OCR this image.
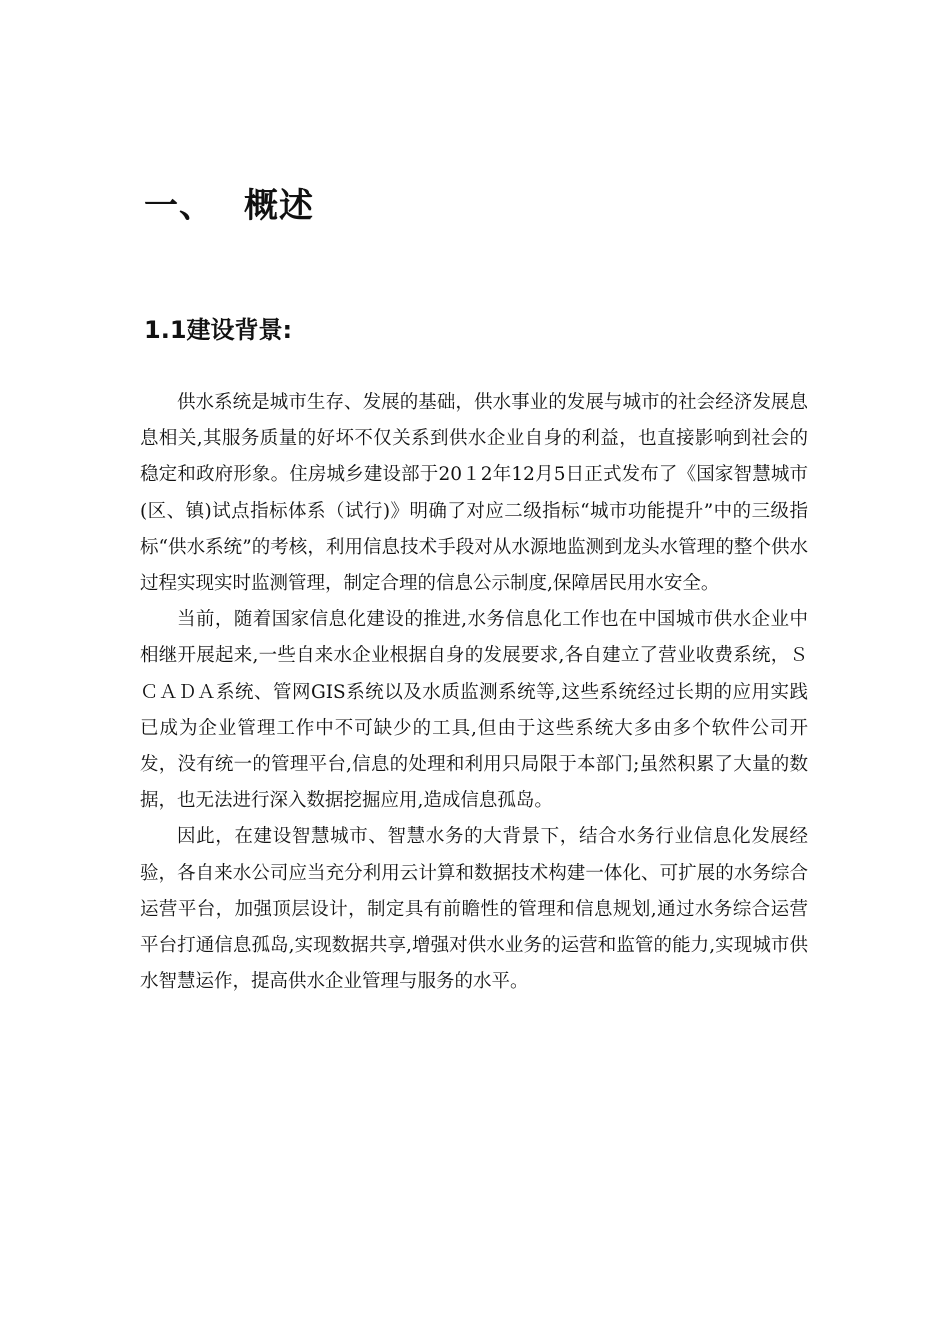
一、 概述
1.1建设背景:

供水系统是城市生存、发展的基础，供水事业的发展与城市的社会经济发展息息相关,其服务质量的好坏不仅关系到供水企业自身的利益，也直接影响到社会的稳定和政府形象。住房城乡建设部于20１2年12月5日正式发布了《国家智慧城市(区、镇)试点指标体系（试行)》明确了对应二级指标“城市功能提升”中的三级指标“供水系统”的考核，利用信息技术手段对从水源地监测到龙头水管理的整个供水过程实现实时监测管理，制定合理的信息公示制度,保障居民用水安全。

当前，随着国家信息化建设的推进,水务信息化工作也在中国城市供水企业中相继开展起来,一些自来水企业根据自身的发展要求,各自建立了营业收费系统，ＳＣＡＤＡ系统、管网GIS系统以及水质监测系统等,这些系统经过长期的应用实践已成为企业管理工作中不可缺少的工具,但由于这些系统大多由多个软件公司开发，没有统一的管理平台,信息的处理和利用只局限于本部门;虽然积累了大量的数据，也无法进行深入数据挖掘应用,造成信息孤岛。

因此，在建设智慧城市、智慧水务的大背景下，结合水务行业信息化发展经验，各自来水公司应当充分利用云计算和数据技术构建一体化、可扩展的水务综合运营平台，加强顶层设计，制定具有前瞻性的管理和信息规划,通过水务综合运营平台打通信息孤岛,实现数据共享,增强对供水业务的运营和监管的能力,实现城市供水智慧运作，提高供水企业管理与服务的水平。
